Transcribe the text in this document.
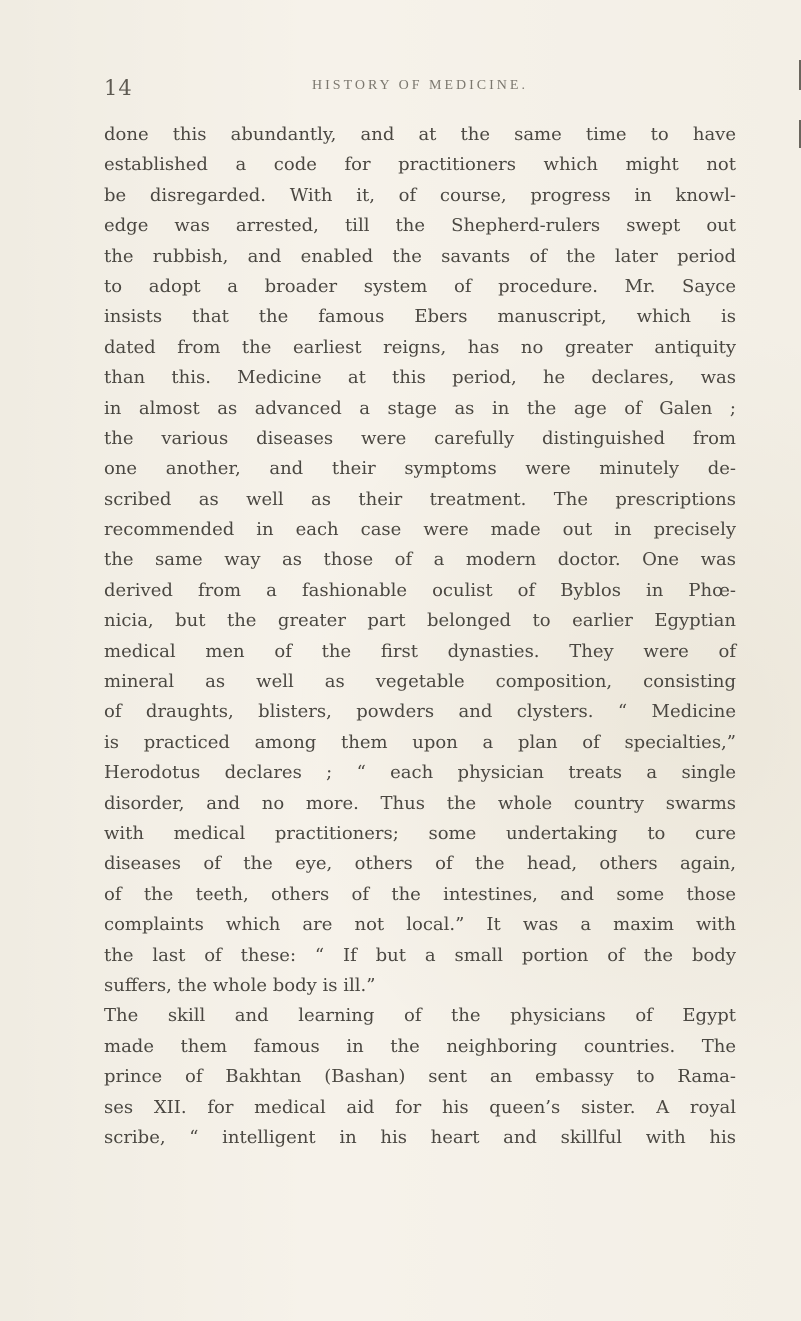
14	HISTORY OF MEDICINE.
done this abundantly, and at the same time to have
established a code for practitioners which might not
be disregarded. With it, of course, progress in knowl-
edge was arrested, till the Shepherd-rulers swept out
the rubbish, and enabled the savants of the later period
to adopt a broader system of procedure. Mr. Sayce
insists that the famous Ebers manuscript, which is
dated from the earliest reigns, has no greater antiquity
than this. Medicine at this period, he declares, was
in almost as advanced a stage as in the age of Galen ;
the various diseases were carefully distinguished from
one another, and their symptoms were minutely de-
scribed as well as their treatment. The prescriptions
recommended in each case were made out in precisely
the same way as those of a modern doctor. One was
derived from a fashionable oculist of Byblos in Phœ-
nicia, but the greater part belonged to earlier Egyptian
medical men of the first dynasties. They were of
mineral as well as vegetable composition, consisting
of draughts, blisters, powders and clysters. “ Medicine
is practiced among them upon a plan of specialties,”
Herodotus declares ; “ each physician treats a single
disorder, and no more. Thus the whole country swarms
with medical practitioners; some undertaking to cure
diseases of the eye, others of the head, others again,
of the teeth, others of the intestines, and some those
complaints which are not local.” It was a maxim with
the last of these: “ If but a small portion of the body
suffers, the whole body is ill.”
The skill and learning of the physicians of Egypt
made them famous in the neighboring countries. The
prince of Bakhtan (Bashan) sent an embassy to Rama-
ses XII. for medical aid for his queen’s sister. A royal
scribe, “ intelligent in his heart and skillful with his
